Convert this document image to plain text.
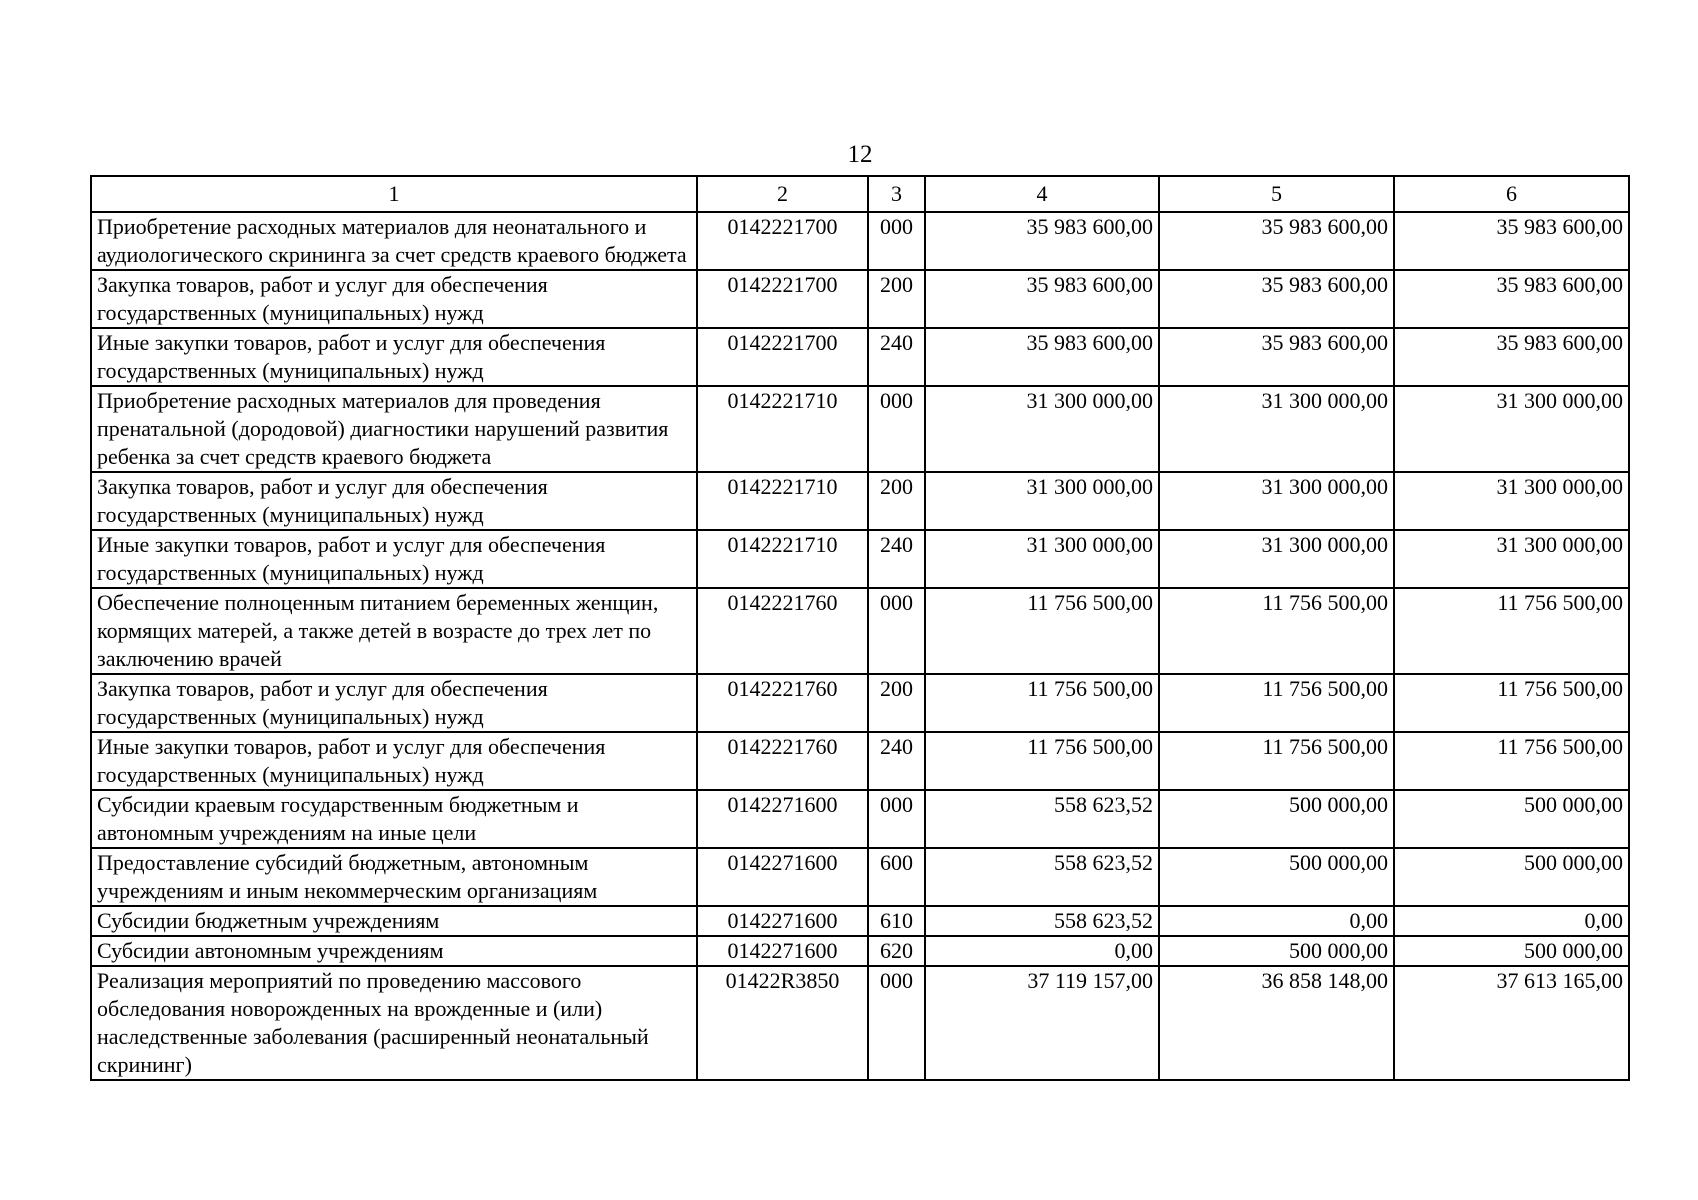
12
1	2	3	4	5	6
Приобретение расходных материалов для неонатального и аудиологического скрининга за счет средств краевого бюджета	0142221700	000	35 983 600,00	35 983 600,00	35 983 600,00
Закупка товаров, работ и услуг для обеспечения государственных (муниципальных) нужд	0142221700	200	35 983 600,00	35 983 600,00	35 983 600,00
Иные закупки товаров, работ и услуг для обеспечения государственных (муниципальных) нужд	0142221700	240	35 983 600,00	35 983 600,00	35 983 600,00
Приобретение расходных материалов для проведения пренатальной (дородовой) диагностики нарушений развития ребенка за счет средств краевого бюджета	0142221710	000	31 300 000,00	31 300 000,00	31 300 000,00
Закупка товаров, работ и услуг для обеспечения государственных (муниципальных) нужд	0142221710	200	31 300 000,00	31 300 000,00	31 300 000,00
Иные закупки товаров, работ и услуг для обеспечения государственных (муниципальных) нужд	0142221710	240	31 300 000,00	31 300 000,00	31 300 000,00
Обеспечение полноценным питанием беременных женщин, кормящих матерей, а также детей в возрасте до трех лет по заключению врачей	0142221760	000	11 756 500,00	11 756 500,00	11 756 500,00
Закупка товаров, работ и услуг для обеспечения государственных (муниципальных) нужд	0142221760	200	11 756 500,00	11 756 500,00	11 756 500,00
Иные закупки товаров, работ и услуг для обеспечения государственных (муниципальных) нужд	0142221760	240	11 756 500,00	11 756 500,00	11 756 500,00
Субсидии краевым государственным бюджетным и автономным учреждениям на иные цели	0142271600	000	558 623,52	500 000,00	500 000,00
Предоставление субсидий бюджетным, автономным учреждениям и иным некоммерческим организациям	0142271600	600	558 623,52	500 000,00	500 000,00
Субсидии бюджетным учреждениям	0142271600	610	558 623,52	0,00	0,00
Субсидии автономным учреждениям	0142271600	620	0,00	500 000,00	500 000,00
Реализация мероприятий по проведению массового обследования новорожденных на врожденные и (или) наследственные заболевания (расширенный неонатальный скрининг)	01422R3850	000	37 119 157,00	36 858 148,00	37 613 165,00
